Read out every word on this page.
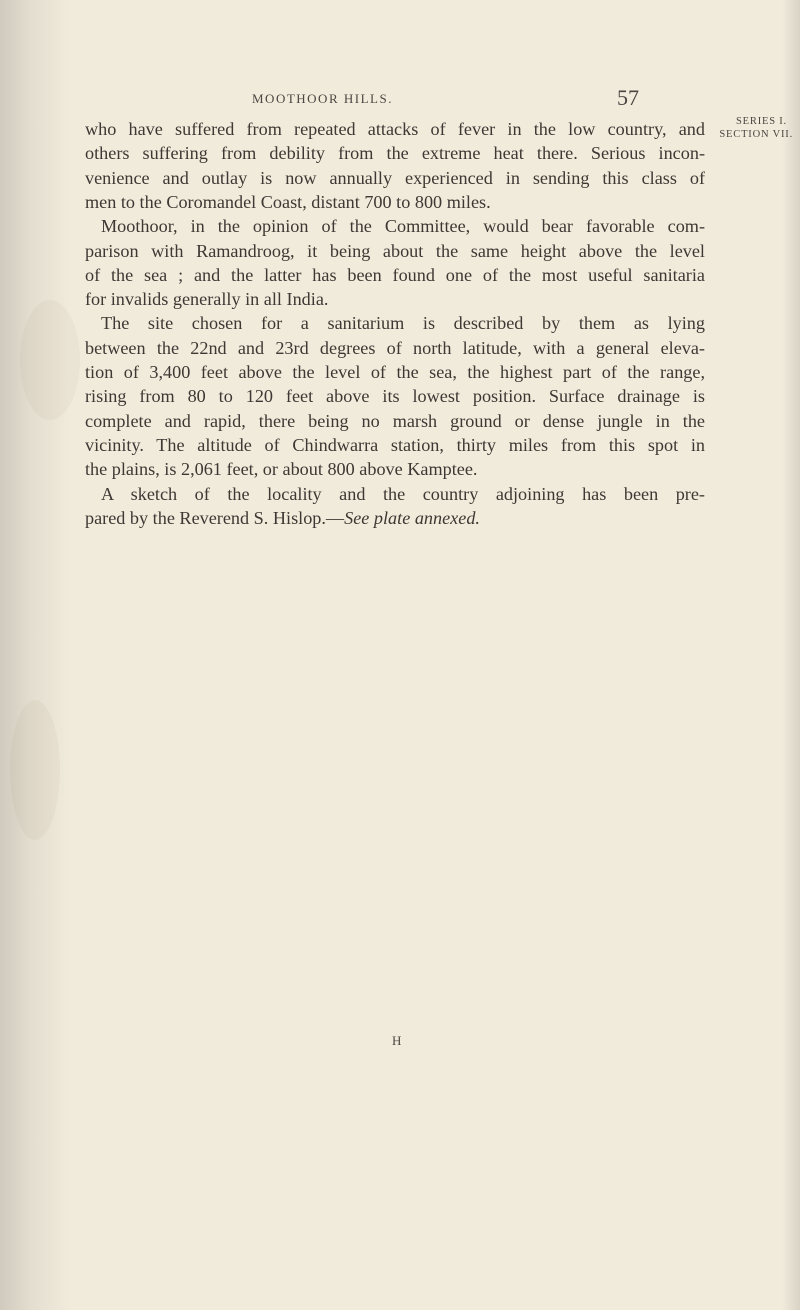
MOOTHOOR HILLS.	57
SERIES I.
SECTION VII.
who have suffered from repeated attacks of fever in the low country, and
others suffering from debility from the extreme heat there. Serious incon-
venience and outlay is now annually experienced in sending this class of
men to the Coromandel Coast, distant 700 to 800 miles.
Moothoor, in the opinion of the Committee, would bear favorable com-
parison with Ramandroog, it being about the same height above the level
of the sea ; and the latter has been found one of the most useful sanitaria
for invalids generally in all India.
The site chosen for a sanitarium is described by them as lying
between the 22nd and 23rd degrees of north latitude, with a general eleva-
tion of 3,400 feet above the level of the sea, the highest part of the range,
rising from 80 to 120 feet above its lowest position. Surface drainage is
complete and rapid, there being no marsh ground or dense jungle in the
vicinity. The altitude of Chindwarra station, thirty miles from this spot in
the plains, is 2,061 feet, or about 800 above Kamptee.
A sketch of the locality and the country adjoining has been pre-
pared by the Reverend S. Hislop.—See plate annexed.
H
